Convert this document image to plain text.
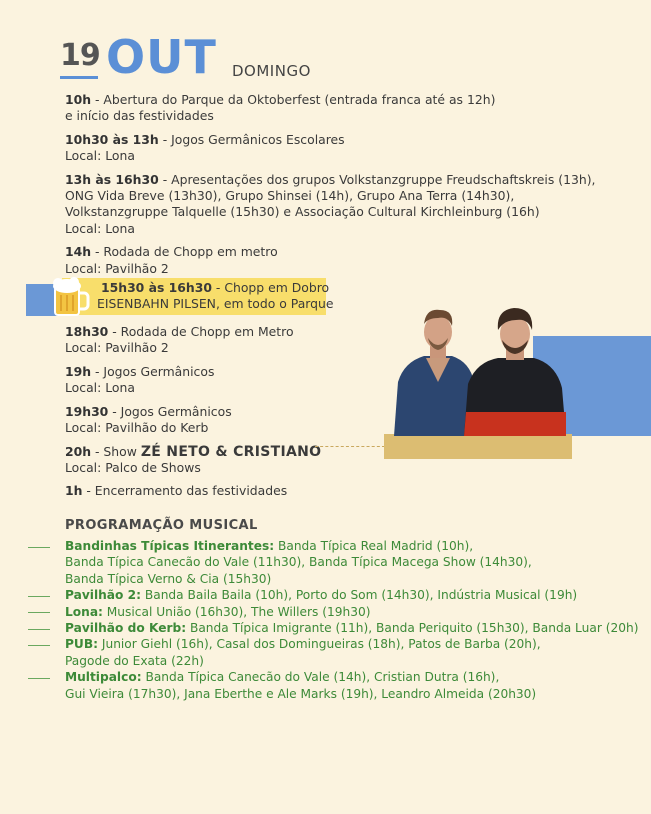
19 OUT DOMINGO
15h30 às 16h30 - Chopp em Dobro
EISENBAHN PILSEN, em todo o Parque
10h - Abertura do Parque da Oktoberfest (entrada franca até as 12h)
e início das festividades
10h30 às 13h - Jogos Germânicos Escolares
Local: Lona
13h às 16h30 - Apresentações dos grupos Volkstanzgruppe Freudschaftskreis (13h),
ONG Vida Breve (13h30), Grupo Shinsei (14h), Grupo Ana Terra (14h30),
Volkstanzgruppe Talquelle (15h30) e Associação Cultural Kirchleinburg (16h)
Local: Lona
14h - Rodada de Chopp em metro
Local: Pavilhão 2
18h30 - Rodada de Chopp em Metro
Local: Pavilhão 2
19h - Jogos Germânicos
Local: Lona
19h30 - Jogos Germânicos
Local: Pavilhão do Kerb
20h - Show ZÉ NETO & CRISTIANO
Local: Palco de Shows
1h - Encerramento das festividades
PROGRAMAÇÃO MUSICAL
Bandinhas Típicas Itinerantes: Banda Típica Real Madrid (10h),
Banda Típica Canecão do Vale (11h30), Banda Típica Macega Show (14h30),
Banda Típica Verno & Cia (15h30)
Pavilhão 2: Banda Baila Baila (10h), Porto do Som (14h30), Indústria Musical (19h)
Lona: Musical União (16h30), The Willers (19h30)
Pavilhão do Kerb: Banda Típica Imigrante (11h), Banda Periquito (15h30), Banda Luar (20h)
PUB: Junior Giehl (16h), Casal dos Domingueiras (18h), Patos de Barba (20h),
Pagode do Exata (22h)
Multipalco: Banda Típica Canecão do Vale (14h), Cristian Dutra (16h),
Gui Vieira (17h30), Jana Eberthe e Ale Marks (19h), Leandro Almeida (20h30)
